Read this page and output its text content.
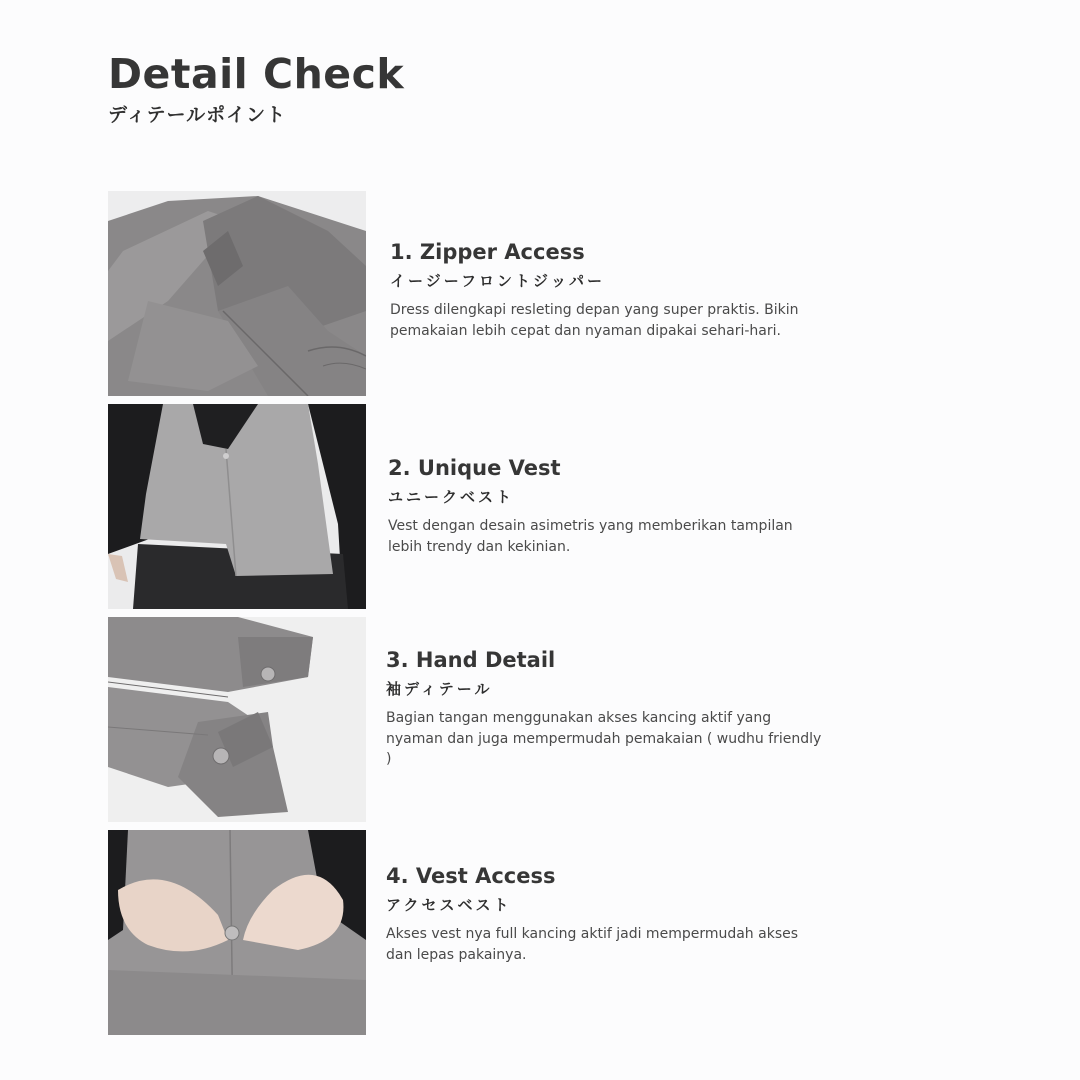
Detail Check
ディテールポイント
1. Zipper Access
イージーフロントジッパー

Dress dilengkapi resleting depan yang super praktis. Bikin pemakaian lebih cepat dan nyaman dipakai sehari-hari.

2. Unique Vest
ユニークベスト

Vest dengan desain asimetris yang memberikan tampilan lebih trendy dan kekinian.

3. Hand Detail
袖ディテール

Bagian tangan menggunakan akses kancing aktif yang nyaman dan juga mempermudah pemakaian ( wudhu friendly )

4. Vest Access
アクセスベスト

Akses vest nya full kancing aktif jadi mempermudah akses dan lepas pakainya.
